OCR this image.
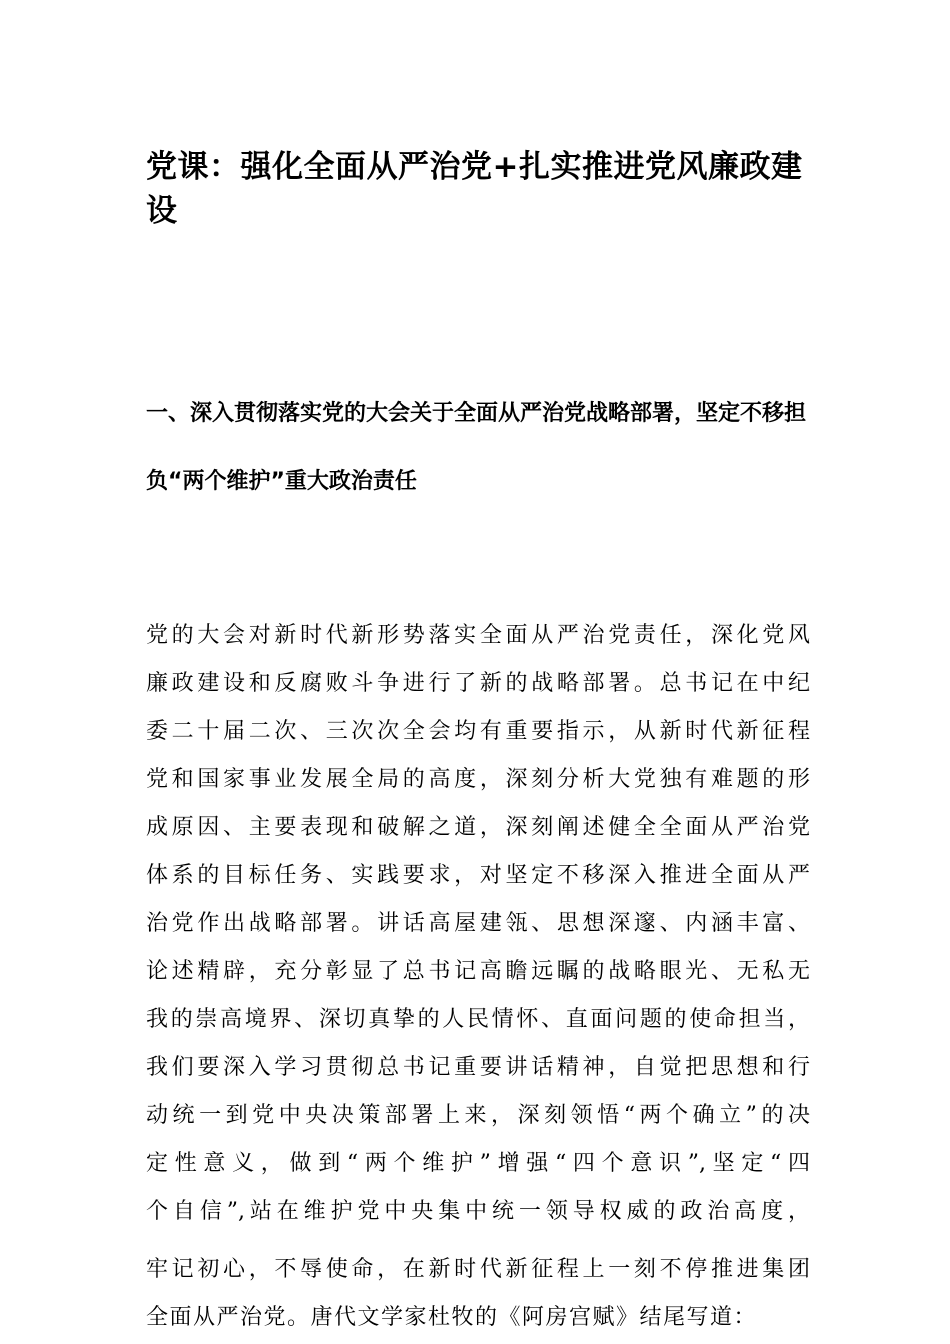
党课：强化全面从严治党+扎实推进党风廉政建设
一、深入贯彻落实党的大会关于全面从严治党战略部署，坚定不移担负“两个维护”重大政治责任
党的大会对新时代新形势落实全面从严治党责任，深化党风
廉政建设和反腐败斗争进行了新的战略部署。总书记在中纪
委二十届二次、三次次全会均有重要指示，从新时代新征程
党和国家事业发展全局的高度，深刻分析大党独有难题的形
成原因、主要表现和破解之道，深刻阐述健全全面从严治党
体系的目标任务、实践要求，对坚定不移深入推进全面从严
治党作出战略部署。讲话高屋建瓴、思想深邃、内涵丰富、
论述精辟，充分彰显了总书记高瞻远瞩的战略眼光、无私无
我的崇高境界、深切真挚的人民情怀、直面问题的使命担当，
我们要深入学习贯彻总书记重要讲话精神，自觉把思想和行
动统一到党中央决策部署上来，深刻领悟“两个确立”的决
定性意义，做到“两个维护”增强“四个意识”,坚定“四
个自信”,站在维护党中央集中统一领导权威的政治高度，
牢记初心，不辱使命，在新时代新征程上一刻不停推进集团
全面从严治党。唐代文学家杜牧的《阿房宫赋》结尾写道：
